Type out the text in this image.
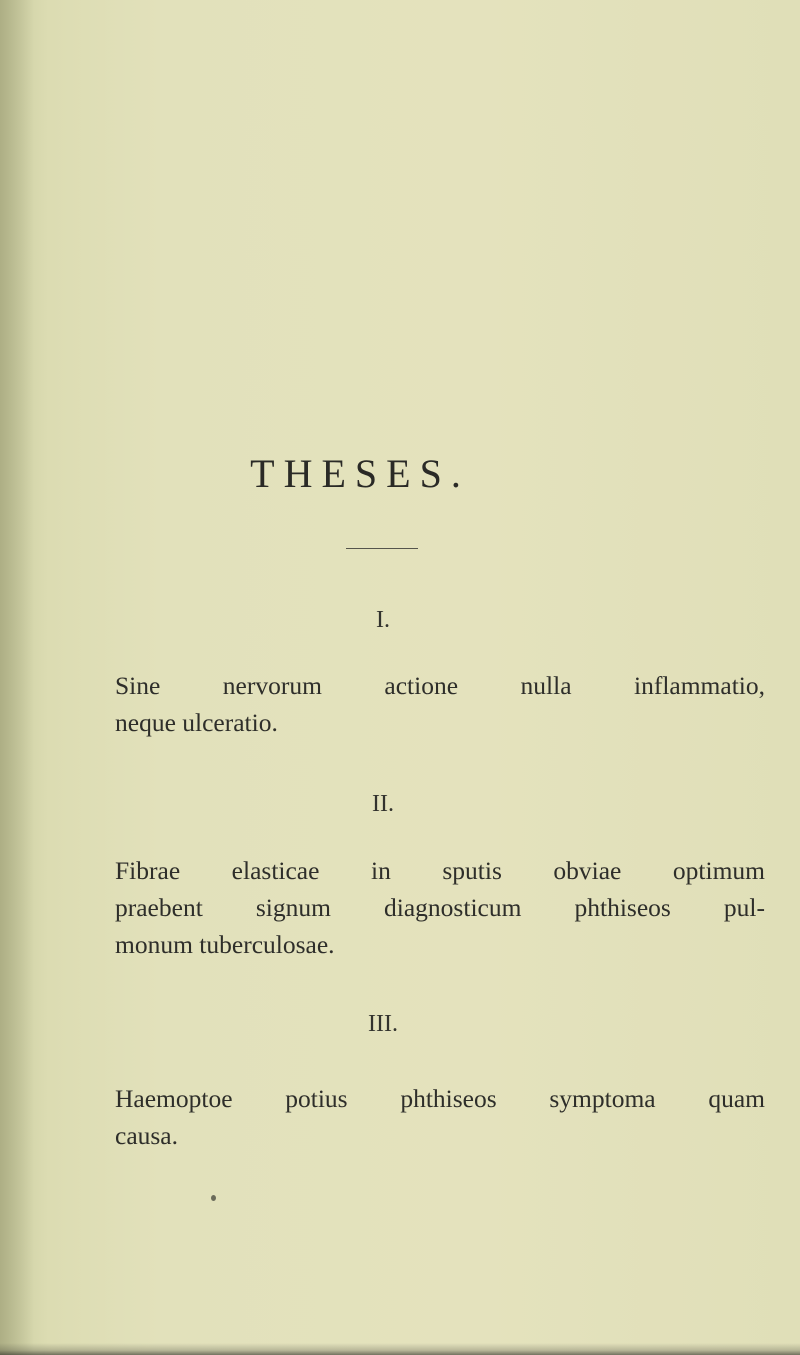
THESES.
I.
Sine nervorum actione nulla inflammatio,
neque ulceratio.
II.
Fibrae elasticae in sputis obviae optimum
praebent signum diagnosticum phthiseos pul-
monum tuberculosae.
III.
Haemoptoe potius phthiseos symptoma quam
causa.
